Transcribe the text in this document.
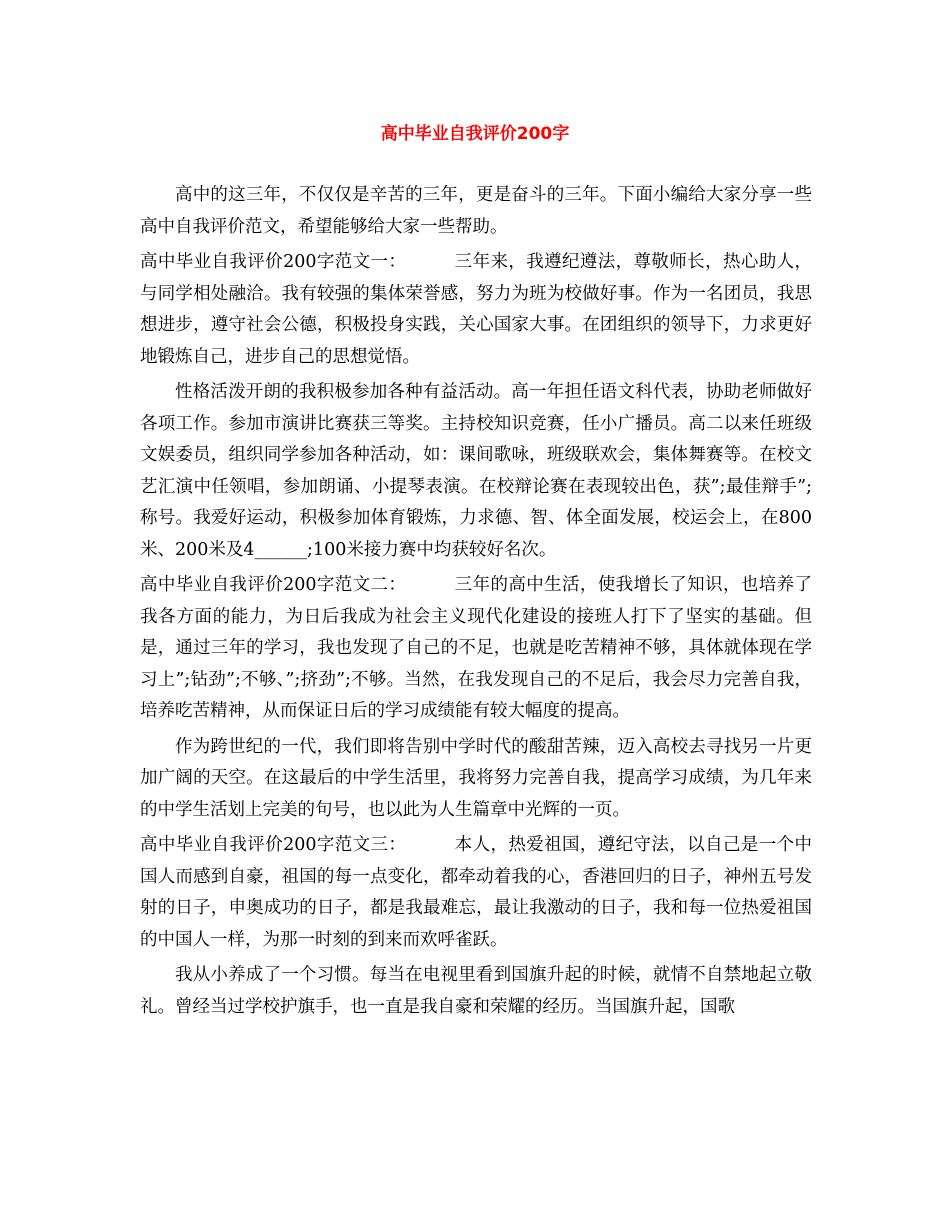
高中毕业自我评价200字

高中的这三年，不仅仅是辛苦的三年，更是奋斗的三年。下面小编给大家分享一些高中自我评价范文，希望能够给大家一些帮助。

高中毕业自我评价200字范文一：	三年来，我遵纪遵法，尊敬师长，热心助人，与同学相处融洽。我有较强的集体荣誉感，努力为班为校做好事。作为一名团员，我思想进步，遵守社会公德，积极投身实践，关心国家大事。在团组织的领导下，力求更好地锻炼自己，进步自己的思想觉悟。

性格活泼开朗的我积极参加各种有益活动。高一年担任语文科代表，协助老师做好各项工作。参加市演讲比赛获三等奖。主持校知识竞赛，任小广播员。高二以来任班级文娱委员，组织同学参加各种活动，如：课间歌咏，班级联欢会，集体舞赛等。在校文艺汇演中任领唱，参加朗诵、小提琴表演。在校辩论赛在表现较出色，获”;最佳辩手”;称号。我爱好运动，积极参加体育锻炼，力求德、智、体全面发展，校运会上，在800米、200米及4______;100米接力赛中均获较好名次。

高中毕业自我评价200字范文二：	三年的高中生活，使我增长了知识，也培养了我各方面的能力，为日后我成为社会主义现代化建设的接班人打下了坚实的基础。但是，通过三年的学习，我也发现了自己的不足，也就是吃苦精神不够，具体就体现在学习上”;钻劲”;不够、”;挤劲”;不够。当然，在我发现自己的不足后，我会尽力完善自我，培养吃苦精神，从而保证日后的学习成绩能有较大幅度的提高。

作为跨世纪的一代，我们即将告别中学时代的酸甜苦辣，迈入高校去寻找另一片更加广阔的天空。在这最后的中学生活里，我将努力完善自我，提高学习成绩，为几年来的中学生活划上完美的句号，也以此为人生篇章中光辉的一页。

高中毕业自我评价200字范文三：	本人，热爱祖国，遵纪守法，以自己是一个中国人而感到自豪，祖国的每一点变化，都牵动着我的心，香港回归的日子，神州五号发射的日子，申奥成功的日子，都是我最难忘，最让我激动的日子，我和每一位热爱祖国的中国人一样，为那一时刻的到来而欢呼雀跃。

我从小养成了一个习惯。每当在电视里看到国旗升起的时候，就情不自禁地起立敬礼。曾经当过学校护旗手，也一直是我自豪和荣耀的经历。当国旗升起，国歌
